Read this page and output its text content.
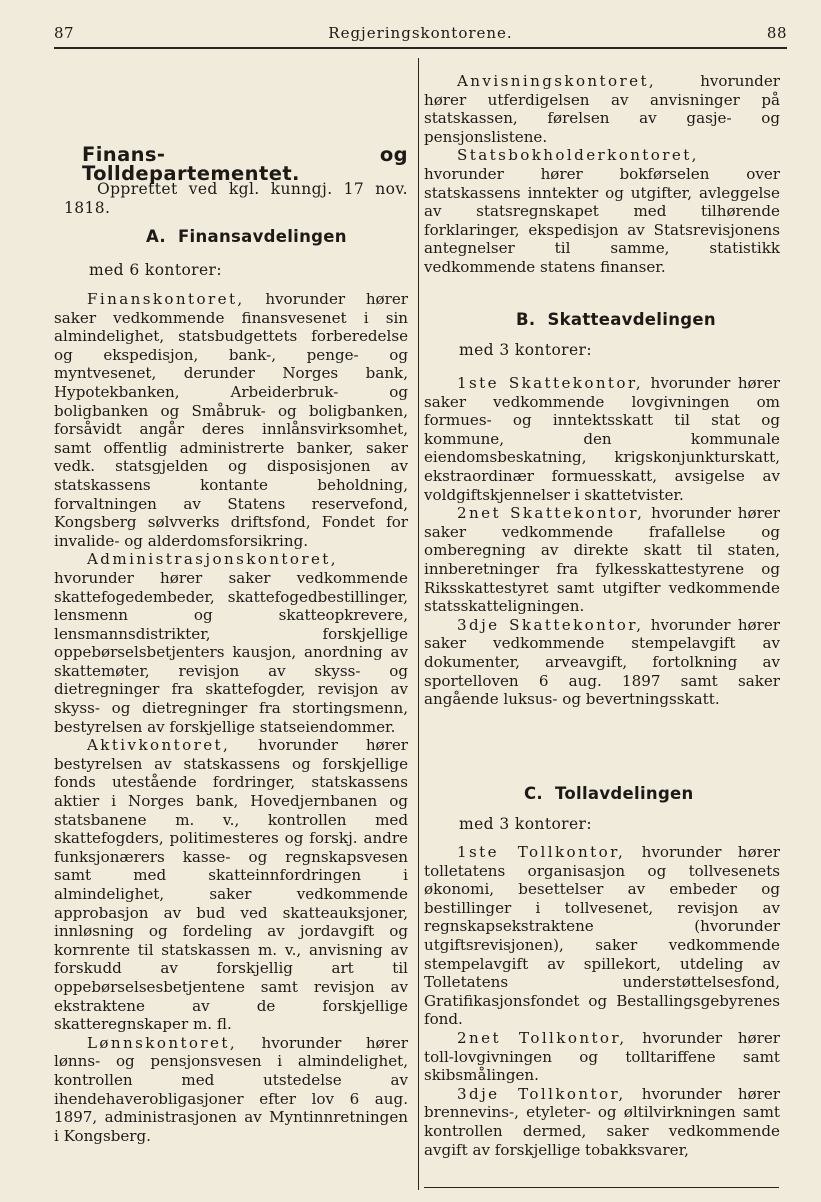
87	Regjeringskontorene.	88
Finans- og Tolldepartementet.

Opprettet ved kgl. kunngj. 17 nov. 1818.

A. Finansavdelingen

med 6 kontorer:

Finanskontoret, hvorunder hører saker vedkommende finansvesenet i sin almindelighet, statsbudgettets forberedelse og ekspedisjon, bank-, penge- og myntvesenet, derunder Norges bank, Hypotekbanken, Arbeiderbruk- og boligbanken og Småbruk- og boligbanken, forsåvidt angår deres innlånsvirksomhet, samt offentlig administrerte banker, saker vedk. statsgjelden og disposisjonen av statskassens kontante beholdning, forvaltningen av Statens reservefond, Kongsberg sølvverks driftsfond, Fondet for invalide- og alderdomsforsikring.

Administrasjonskontoret, hvorunder hører saker vedkommende skattefogedembeder, skattefogedbestillinger, lensmenn og skatteopkrevere, lensmannsdistrikter, forskjellige oppebørselsbetjenters kausjon, anordning av skattemøter, revisjon av skyss- og dietregninger fra skattefogder, revisjon av skyss- og dietregninger fra stortingsmenn, bestyrelsen av forskjellige statseiendommer.

Aktivkontoret, hvorunder hører bestyrelsen av statskassens og forskjellige fonds utestående fordringer, statskassens aktier i Norges bank, Hovedjernbanen og statsbanene m. v., kontrollen med skattefogders, politimesteres og forskj. andre funksjonærers kasse- og regnskapsvesen samt med skatteinnfordringen i almindelighet, saker vedkommende approbasjon av bud ved skatteauksjoner, innløsning og fordeling av jordavgift og kornrente til statskassen m. v., anvisning av forskudd av forskjellig art til oppebørselsesbetjentene samt revisjon av ekstraktene av de forskjellige skatteregnskaper m. fl.

Lønnskontoret, hvorunder hører lønns- og pensjonsvesen i almindelighet, kontrollen med utstedelse av ihendehaverobligasjoner efter lov 6 aug. 1897, administrasjonen av Myntinnretningen i Kongsberg.

Anvisningskontoret, hvorunder hører utferdigelsen av anvisninger på statskassen, førelsen av gasje- og pensjonslistene.

Statsbokholderkontoret, hvorunder hører bokførselen over statskassens inntekter og utgifter, avleggelse av statsregnskapet med tilhørende forklaringer, ekspedisjon av Statsrevisjonens antegnelser til samme, statistikk vedkommende statens finanser.

B. Skatteavdelingen

med 3 kontorer:

1ste Skattekontor, hvorunder hører saker vedkommende lovgivningen om formues- og inntektsskatt til stat og kommune, den kommunale eiendomsbeskatning, krigskonjunkturskatt, ekstraordinær formuesskatt, avsigelse av voldgiftskjennelser i skattetvister.

2net Skattekontor, hvorunder hører saker vedkommende frafallelse og omberegning av direkte skatt til staten, innberetninger fra fylkesskattestyrene og Riksskattestyret samt utgifter vedkommende statsskatteligningen.

3dje Skattekontor, hvorunder hører saker vedkommende stempelavgift av dokumenter, arveavgift, fortolkning av sportelloven 6 aug. 1897 samt saker angående luksus- og bevertningsskatt.

C. Tollavdelingen

med 3 kontorer:

1ste Tollkontor, hvorunder hører tolletatens organisasjon og tollvesenets økonomi, besettelser av embeder og bestillinger i tollvesenet, revisjon av regnskapsekstraktene (hvorunder utgiftsrevisjonen), saker vedkommende stempelavgift av spillekort, utdeling av Tolletatens understøttelsesfond, Gratifikasjonsfondet og Bestallingsgebyrenes fond.

2net Tollkontor, hvorunder hører toll-lovgivningen og tolltariffene samt skibsmålingen.

3dje Tollkontor, hvorunder hører brennevins-, etyleter- og øltilvirkningen samt kontrollen dermed, saker vedkommende avgift av forskjellige tobakksvarer,
